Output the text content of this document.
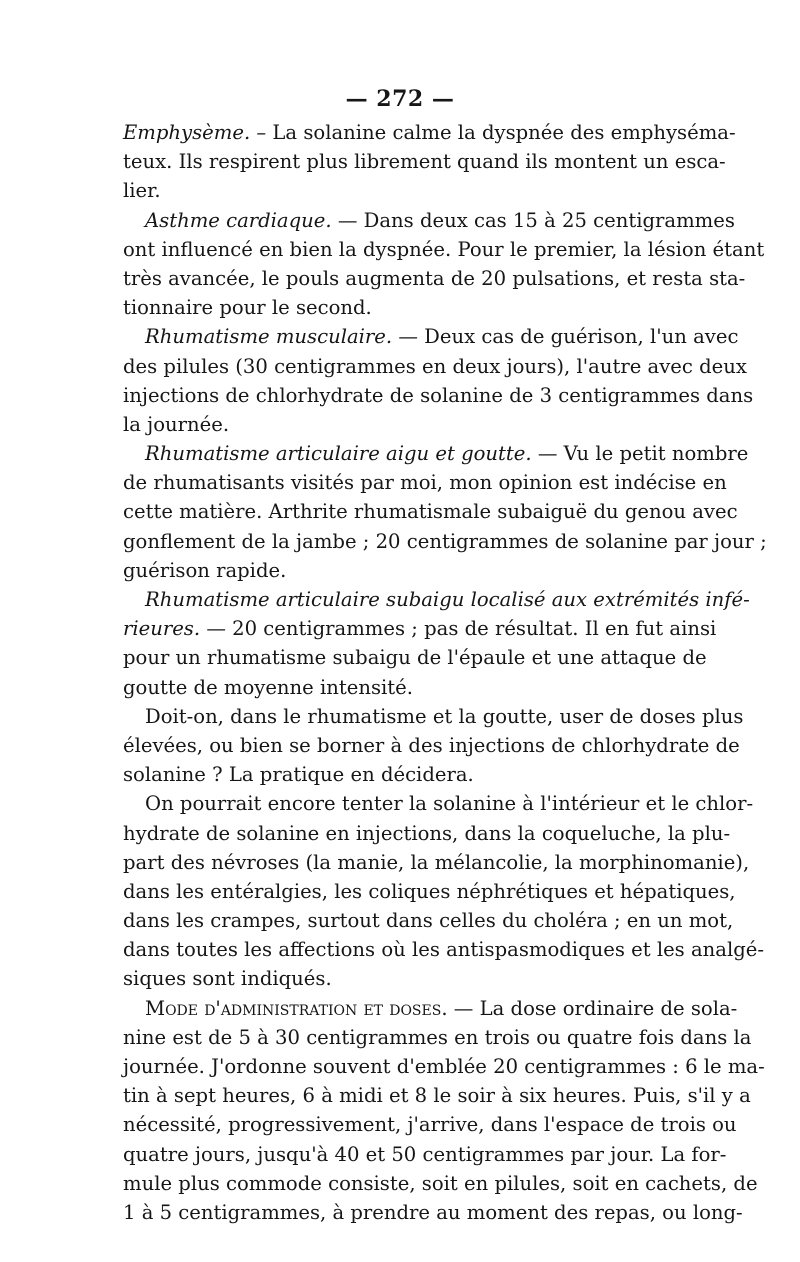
— 272 —
Emphysème. – La solanine calme la dyspnée des emphyséma-
teux. Ils respirent plus librement quand ils montent un esca-
lier.
Asthme cardiaque. — Dans deux cas 15 à 25 centigrammes
ont influencé en bien la dyspnée. Pour le premier, la lésion étant
très avancée, le pouls augmenta de 20 pulsations, et resta sta-
tionnaire pour le second.
Rhumatisme musculaire. — Deux cas de guérison, l'un avec
des pilules (30 centigrammes en deux jours), l'autre avec deux
injections de chlorhydrate de solanine de 3 centigrammes dans
la journée.
Rhumatisme articulaire aigu et goutte. — Vu le petit nombre
de rhumatisants visités par moi, mon opinion est indécise en
cette matière. Arthrite rhumatismale subaiguë du genou avec
gonflement de la jambe ; 20 centigrammes de solanine par jour ;
guérison rapide.
Rhumatisme articulaire subaigu localisé aux extrémités infé-
rieures. — 20 centigrammes ; pas de résultat. Il en fut ainsi
pour un rhumatisme subaigu de l'épaule et une attaque de
goutte de moyenne intensité.
Doit-on, dans le rhumatisme et la goutte, user de doses plus
élevées, ou bien se borner à des injections de chlorhydrate de
solanine ? La pratique en décidera.
On pourrait encore tenter la solanine à l'intérieur et le chlor-
hydrate de solanine en injections, dans la coqueluche, la plu-
part des névroses (la manie, la mélancolie, la morphinomanie),
dans les entéralgies, les coliques néphrétiques et hépatiques,
dans les crampes, surtout dans celles du choléra ; en un mot,
dans toutes les affections où les antispasmodiques et les analgé-
siques sont indiqués.
Mode d'administration et doses. — La dose ordinaire de sola-
nine est de 5 à 30 centigrammes en trois ou quatre fois dans la
journée. J'ordonne souvent d'emblée 20 centigrammes : 6 le ma-
tin à sept heures, 6 à midi et 8 le soir à six heures. Puis, s'il y a
nécessité, progressivement, j'arrive, dans l'espace de trois ou
quatre jours, jusqu'à 40 et 50 centigrammes par jour. La for-
mule plus commode consiste, soit en pilules, soit en cachets, de
1 à 5 centigrammes, à prendre au moment des repas, ou long-
